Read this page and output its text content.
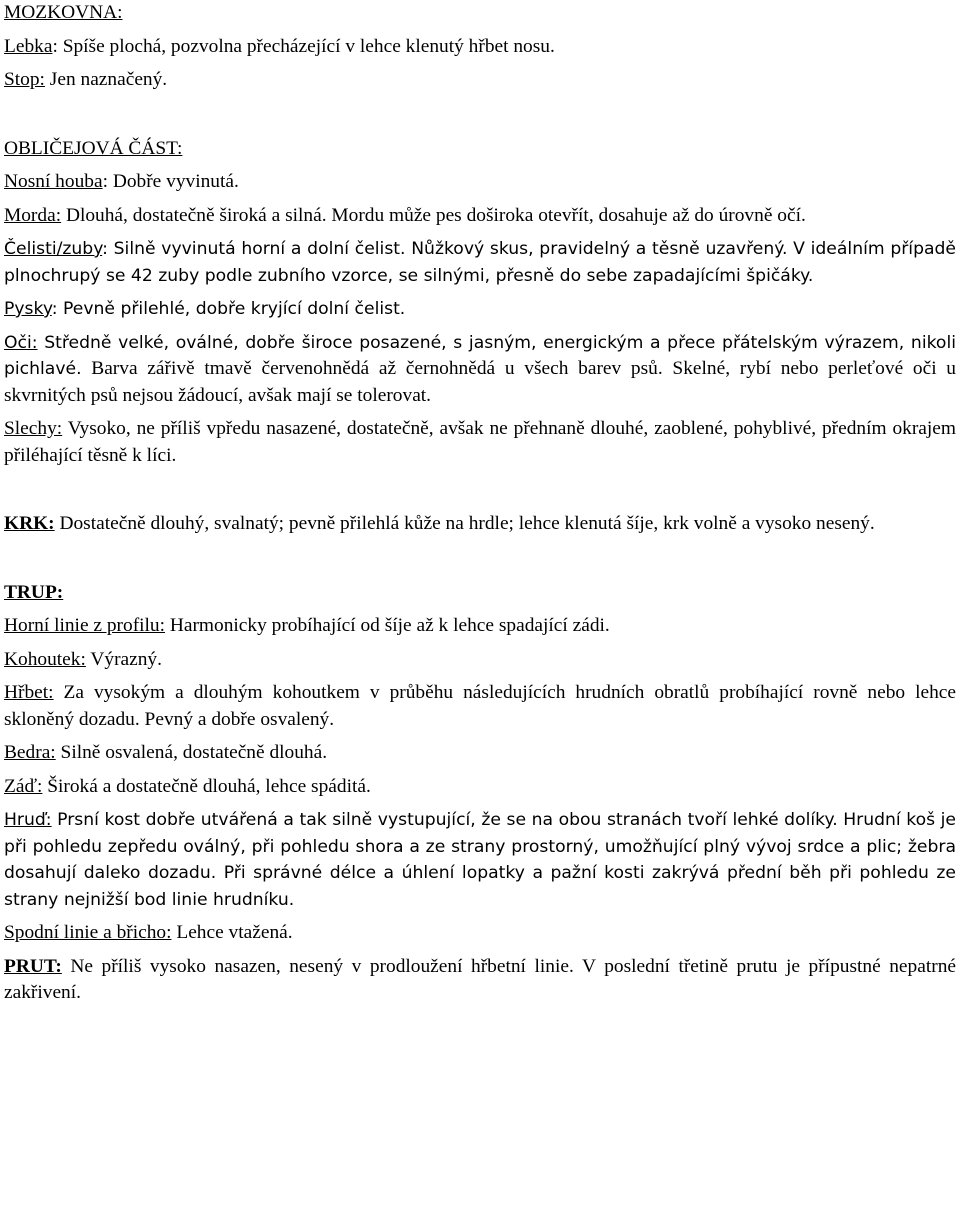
MOZKOVNA:

Lebka: Spíše plochá, pozvolna přecházející v lehce klenutý hřbet nosu.

Stop: Jen naznačený.

OBLIČEJOVÁ ČÁST:

Nosní houba: Dobře vyvinutá.

Morda: Dlouhá, dostatečně široká a silná. Mordu může pes doširoka otevřít, dosahuje až do úrovně očí.

Čelisti/zuby: Silně vyvinutá horní a dolní čelist. Nůžkový skus, pravidelný a těsně uzavřený. V ideálním případě plnochrupý se 42 zuby podle zubního vzorce, se silnými, přesně do sebe zapadajícími špičáky.

Pysky: Pevně přilehlé, dobře kryjící dolní čelist.

Oči: Středně velké, oválné, dobře široce posazené, s jasným, energickým a přece přátelským výrazem, nikoli pichlavé. Barva zářivě tmavě červenohnědá až černohnědá u všech barev psů. Skelné, rybí nebo perleťové oči u skvrnitých psů nejsou žádoucí, avšak mají se tolerovat.

Slechy: Vysoko, ne příliš vpředu nasazené, dostatečně, avšak ne přehnaně dlouhé, zaoblené, pohyblivé, předním okrajem přiléhající těsně k líci.

KRK: Dostatečně dlouhý, svalnatý; pevně přilehlá kůže na hrdle; lehce klenutá šíje, krk volně a vysoko nesený.

TRUP:

Horní linie z profilu: Harmonicky probíhající od šíje až k lehce spadající zádi.

Kohoutek: Výrazný.

Hřbet: Za vysokým a dlouhým kohoutkem v průběhu následujících hrudních obratlů probíhající rovně nebo lehce skloněný dozadu. Pevný a dobře osvalený.

Bedra: Silně osvalená, dostatečně dlouhá.

Záď: Široká a dostatečně dlouhá, lehce spáditá.

Hruď: Prsní kost dobře utvářená a tak silně vystupující, že se na obou stranách tvoří lehké dolíky. Hrudní koš je při pohledu zepředu oválný, při pohledu shora a ze strany prostorný, umožňující plný vývoj srdce a plic; žebra dosahují daleko dozadu. Při správné délce a úhlení lopatky a pažní kosti zakrývá přední běh při pohledu ze strany nejnižší bod linie hrudníku.

Spodní linie a břicho: Lehce vtažená.

PRUT: Ne příliš vysoko nasazen, nesený v prodloužení hřbetní linie. V poslední třetině prutu je přípustné nepatrné zakřivení.
